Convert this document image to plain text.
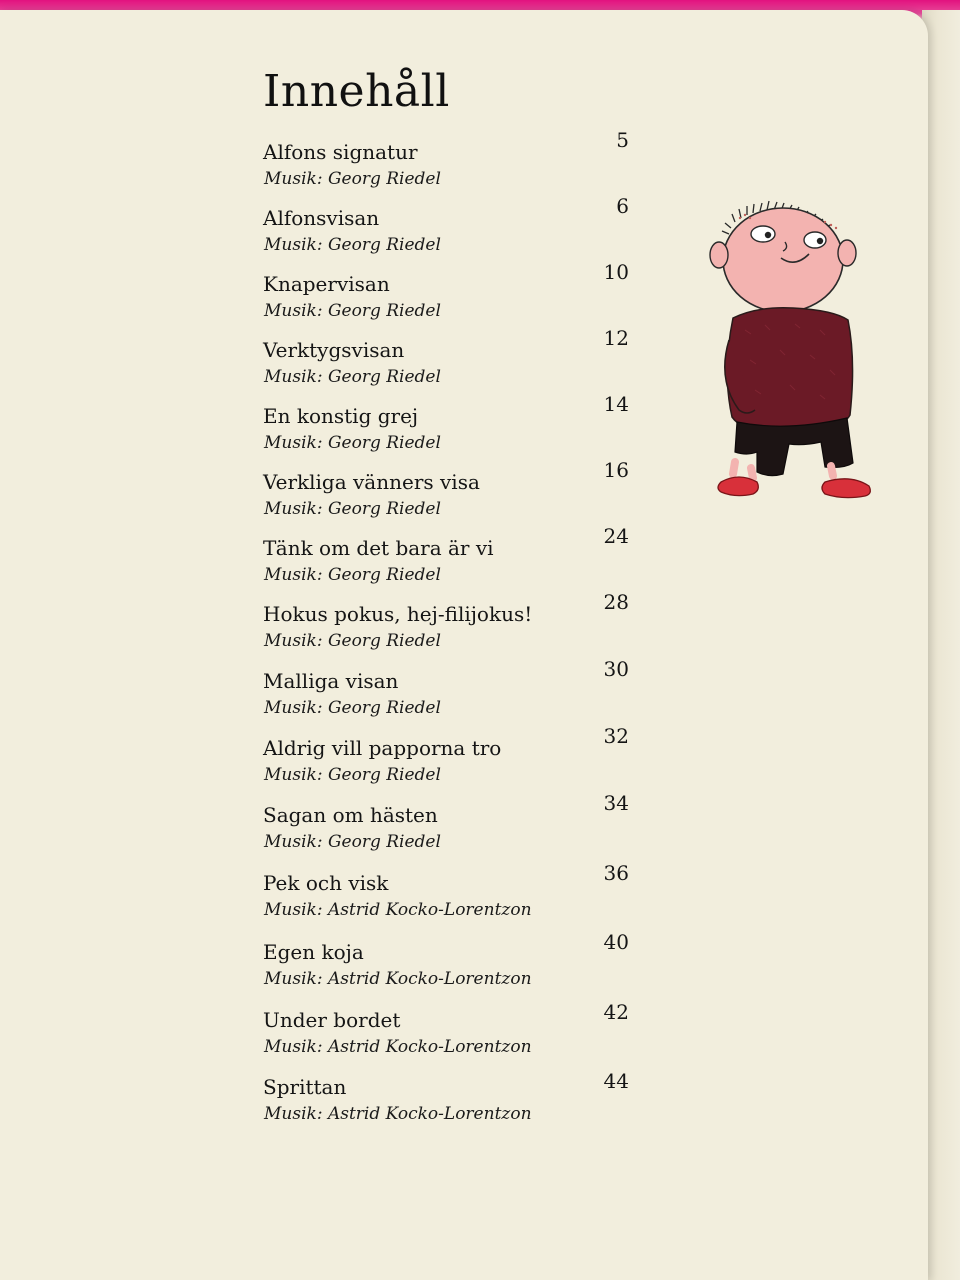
Innehåll
Alfons signatur
Musik: Georg Riedel
5
Alfonsvisan
Musik: Georg Riedel
6
Knapervisan
Musik: Georg Riedel
10
Verktygsvisan
Musik: Georg Riedel
12
En konstig grej
Musik: Georg Riedel
14
Verkliga vänners visa
Musik: Georg Riedel
16
Tänk om det bara är vi
Musik: Georg Riedel
24
Hokus pokus, hej-filijokus!
Musik: Georg Riedel
28
Malliga visan
Musik: Georg Riedel
30
Aldrig vill papporna tro
Musik: Georg Riedel
32
Sagan om hästen
Musik: Georg Riedel
34
Pek och visk
Musik: Astrid Kocko-Lorentzon
36
Egen koja
Musik: Astrid Kocko-Lorentzon
40
Under bordet
Musik: Astrid Kocko-Lorentzon
42
Sprittan
Musik: Astrid Kocko-Lorentzon
44
